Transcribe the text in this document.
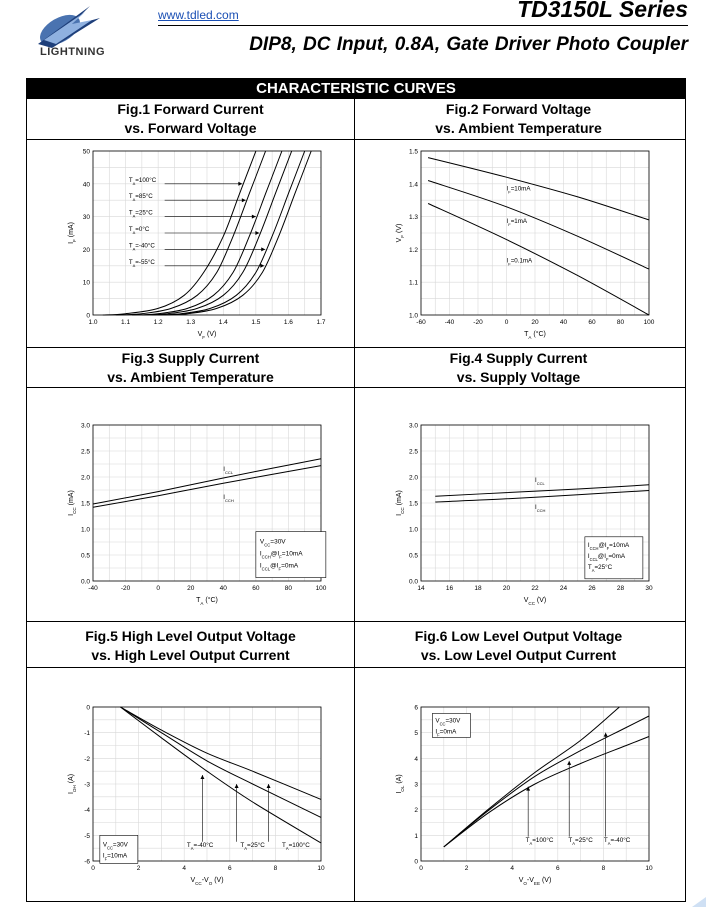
LIGHTNING
www.tdled.com	TD3150L Series
DIP8, DC Input, 0.8A, Gate Driver Photo Coupler
CHARACTERISTIC CURVES
Fig.1 Forward Current
vs. Forward Voltage
Fig.2 Forward Voltage
vs. Ambient Temperature
Fig.3 Supply Current
vs. Ambient Temperature
Fig.4 Supply Current
vs. Supply Voltage
Fig.5 High Level Output Voltage
vs. High Level Output Current
Fig.6 Low Level Output Voltage
vs. Low Level Output Current
1.0	1.1	1.2	1.3	1.4	1.5	1.6	1.7
0
10
20
30
40
50
$V_F$ (V)
$I_F$ (mA)
$T_A=100^\circ C$
$T_A=85^\circ C$
$T_A=25^\circ C$
$T_A=0^\circ C$
$T_A=-40^\circ C$
$T_A=-55^\circ C$
-60	-40	-20	0	20	40	60	80	100
1.0
1.1
1.2
1.3
1.4
1.5
$T_A$ (°C)
$V_F$ (V)
$I_F=10mA$
$I_F=1mA$
$I_F=0.1mA$
-40	-20	0	20	40	60	80	100
0.0
0.5
1.0
1.5
2.0
2.5
3.0
$T_A$ (°C)
$I_{CC}$ (mA)
$I_{CCL}$
$I_{CCH}$
$V_{CC}=30V$
$I_{CCH}@I_F=10mA$
$I_{CCL}@I_F=0mA$
14	16	18	20	22	24	26	28	30
0.0
0.5
1.0
1.5
2.0
2.5
3.0
$V_{CC}$ (V)
$I_{CC}$ (mA)
$I_{CCL}$
$I_{CCH}$
$I_{CCH}@I_F=10mA$
$I_{CCL}@I_F=0mA$
$T_A=25^\circ C$
0	2	4	6	8	10
0
-1
-2
-3
-4
-5
-6
$V_{CC}-V_O$ (V)
$I_{OH}$ (A)
$V_{CC}=30V$
$I_F=10mA$
$T_A=-40^\circ C$	$T_A=25^\circ C$	$T_A=100^\circ C$
0	2	4	6	8	10
0
1
2
3
4
5
6
$V_O-V_{EE}$ (V)
$I_{OL}$ (A)
$V_{CC}=30V$
$I_F=0mA$
$T_A=100^\circ C$ $T_A=25^\circ C$ $T_A=-40^\circ C$
